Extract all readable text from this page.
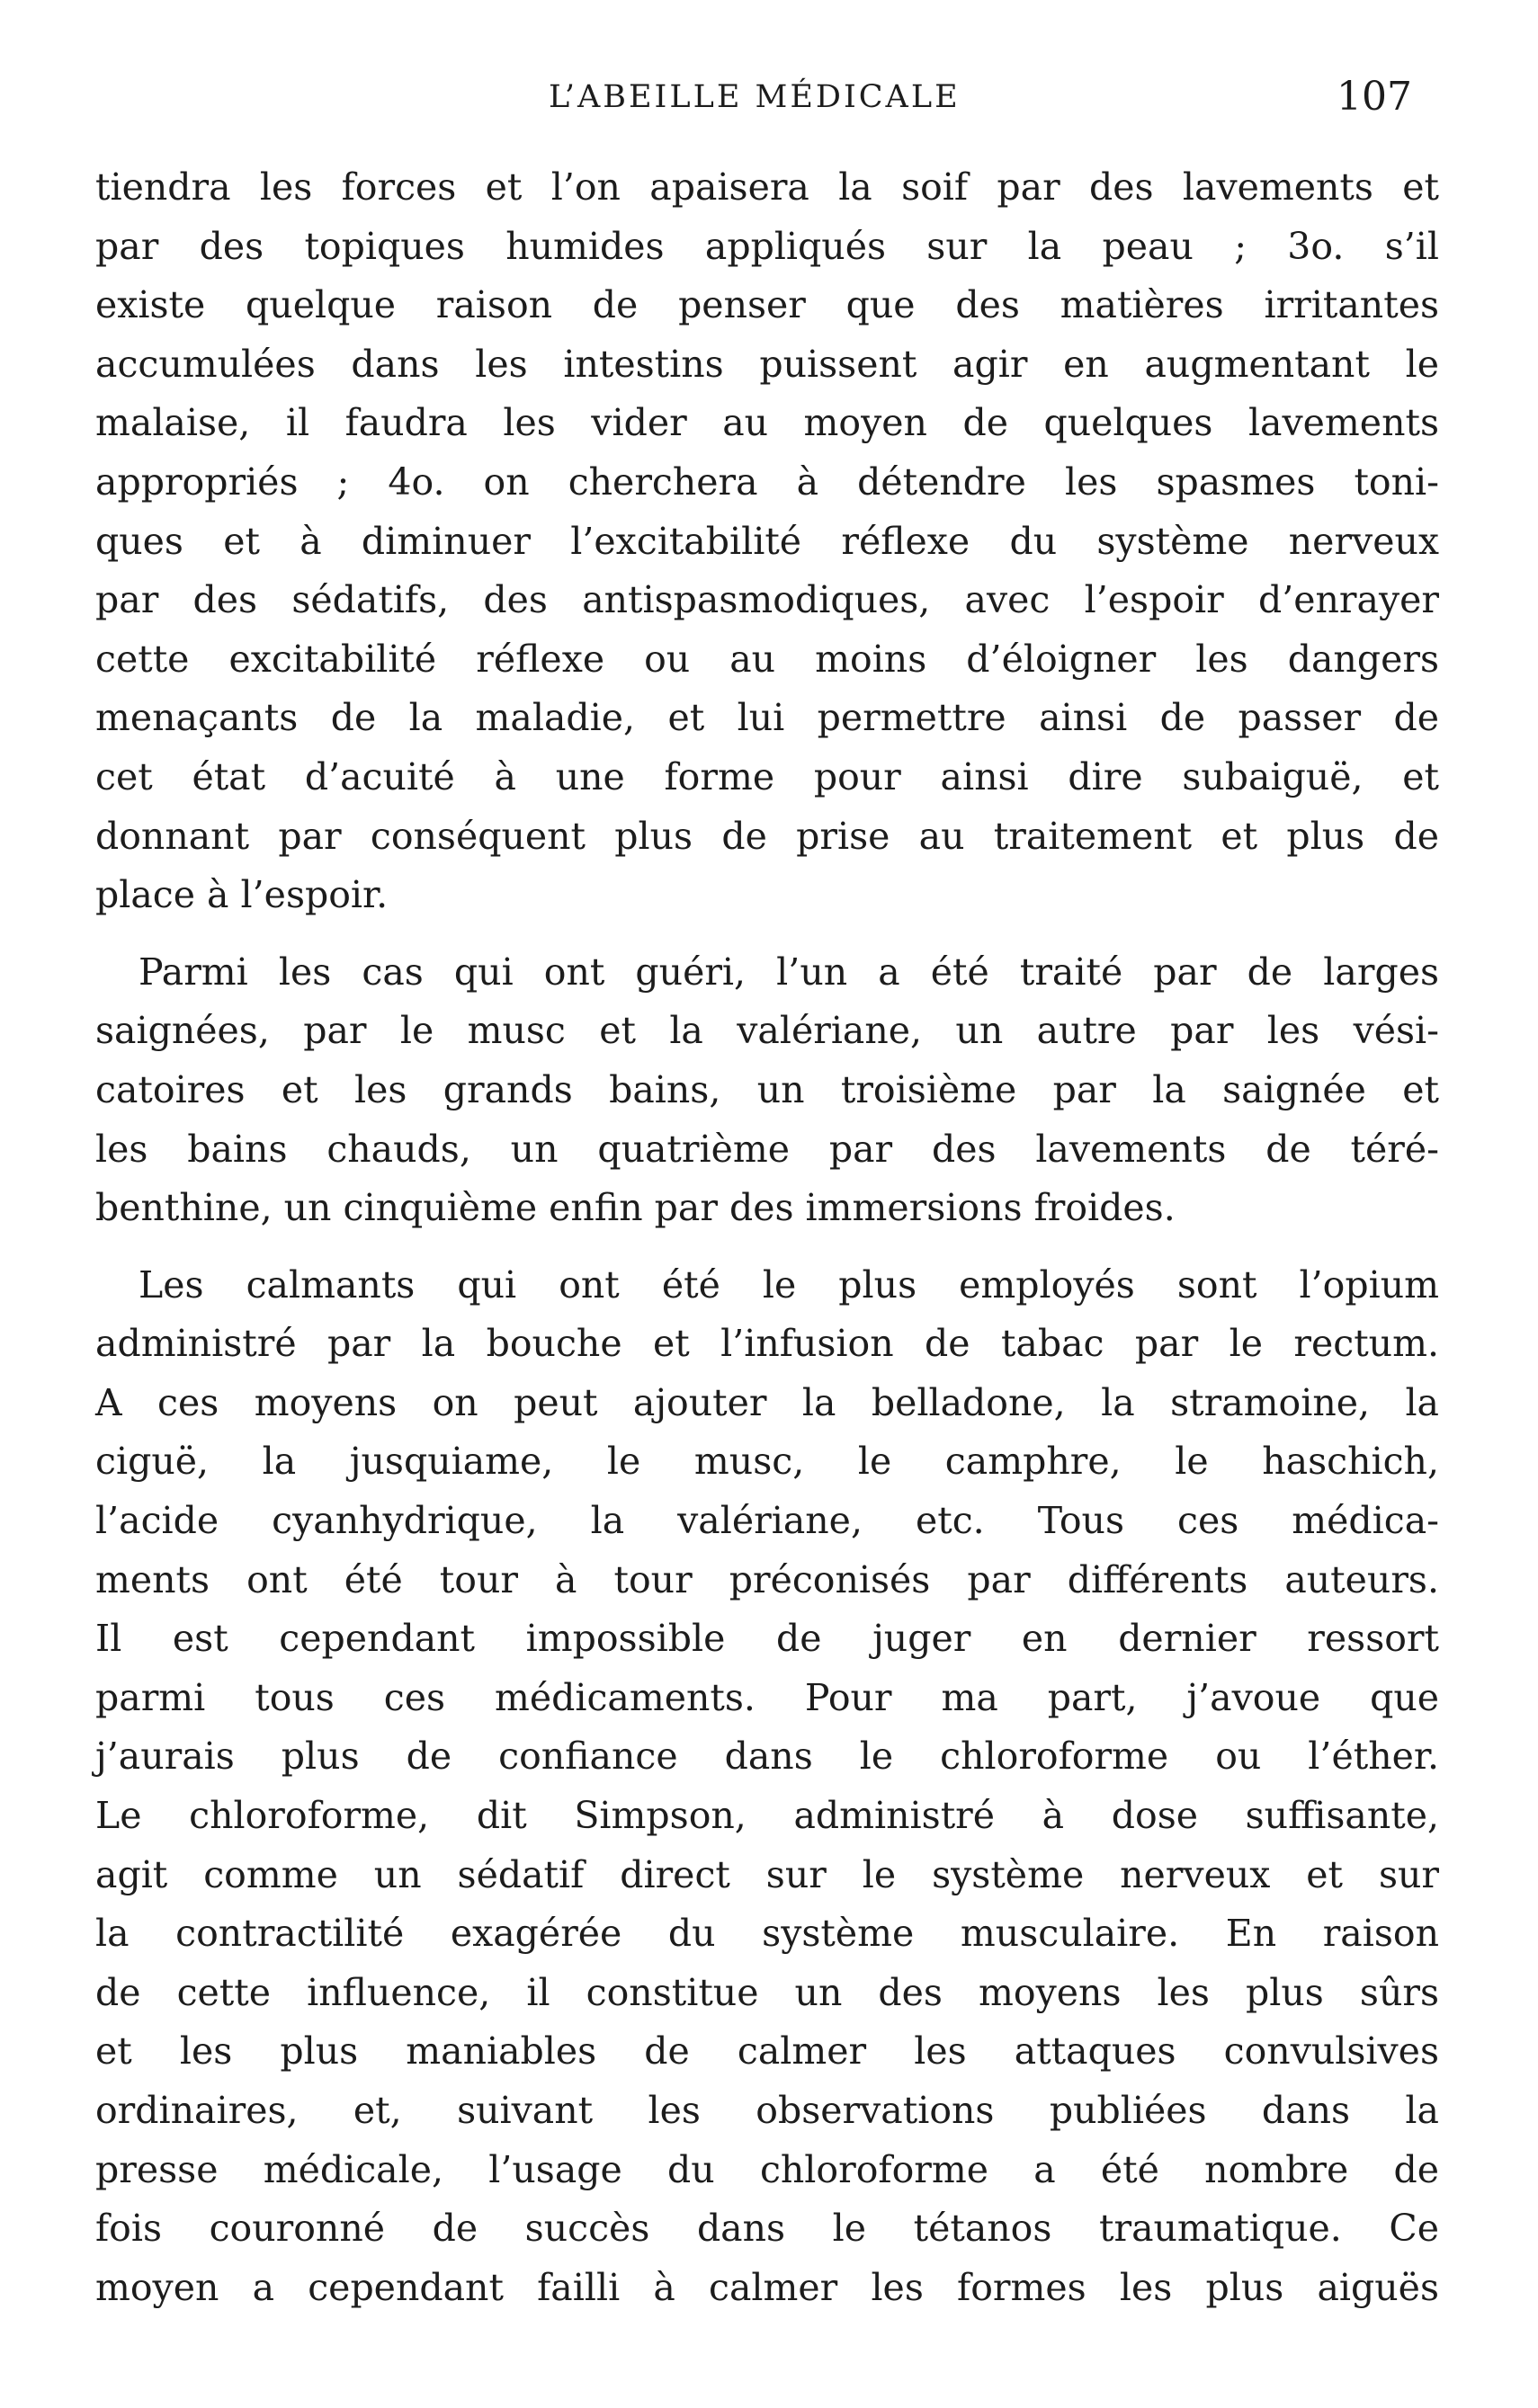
L’ABEILLE MÉDICALE	107
tiendra les forces et l’on apaisera la soif par des lavements et
par des topiques humides appliqués sur la peau ; 3o. s’il
existe quelque raison de penser que des matières irritantes
accumulées dans les intestins puissent agir en augmentant le
malaise, il faudra les vider au moyen de quelques lavements
appropriés ; 4o. on cherchera à détendre les spasmes toni-
ques et à diminuer l’excitabilité réflexe du système nerveux
par des sédatifs, des antispasmodiques, avec l’espoir d’enrayer
cette excitabilité réflexe ou au moins d’éloigner les dangers
menaçants de la maladie, et lui permettre ainsi de passer de
cet état d’acuité à une forme pour ainsi dire subaiguë, et
donnant par conséquent plus de prise au traitement et plus de
place à l’espoir.
Parmi les cas qui ont guéri, l’un a été traité par de larges
saignées, par le musc et la valériane, un autre par les vési-
catoires et les grands bains, un troisième par la saignée et
les bains chauds, un quatrième par des lavements de téré-
benthine, un cinquième enfin par des immersions froides.
Les calmants qui ont été le plus employés sont l’opium
administré par la bouche et l’infusion de tabac par le rectum.
A ces moyens on peut ajouter la belladone, la stramoine, la
ciguë, la jusquiame, le musc, le camphre, le haschich,
l’acide cyanhydrique, la valériane, etc. Tous ces médica-
ments ont été tour à tour préconisés par différents auteurs.
Il est cependant impossible de juger en dernier ressort
parmi tous ces médicaments. Pour ma part, j’avoue que
j’aurais plus de confiance dans le chloroforme ou l’éther.
Le chloroforme, dit Simpson, administré à dose suffisante,
agit comme un sédatif direct sur le système nerveux et sur
la contractilité exagérée du système musculaire. En raison
de cette influence, il constitue un des moyens les plus sûrs
et les plus maniables de calmer les attaques convulsives
ordinaires, et, suivant les observations publiées dans la
presse médicale, l’usage du chloroforme a été nombre de
fois couronné de succès dans le tétanos traumatique. Ce
moyen a cependant failli à calmer les formes les plus aiguës
